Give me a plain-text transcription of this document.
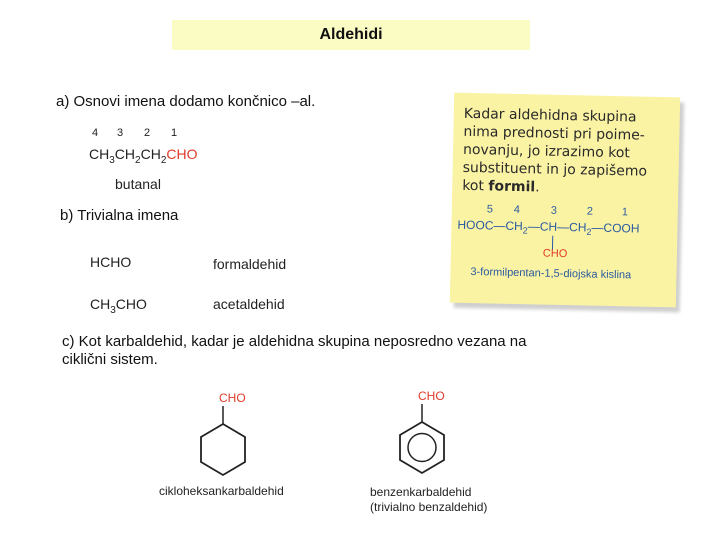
Aldehidi
a) Osnovi imena dodamo končnico –al.
4 3 2 1
$CH_3CH_2CH_2CHO$
butanal
b) Trivialna imena
HCHO	formaldehid
$CH_3CHO$	acetaldehid
Kadar aldehidna skupina
nima prednosti pri poime-
novanju, jo izrazimo kot
substituent in jo zapišemo
kot formil.
5 4	3	2	1
$HOOC—CH_2—CH—CH_2—COOH$
CHO
3-formilpentan-1,5-diojska kislina
c) Kot karbaldehid, kadar je aldehidna skupina neposredno vezana na
ciklični sistem.
CHO
cikloheksankarbaldehid
CHO
benzenkarbaldehid
(trivialno benzaldehid)
